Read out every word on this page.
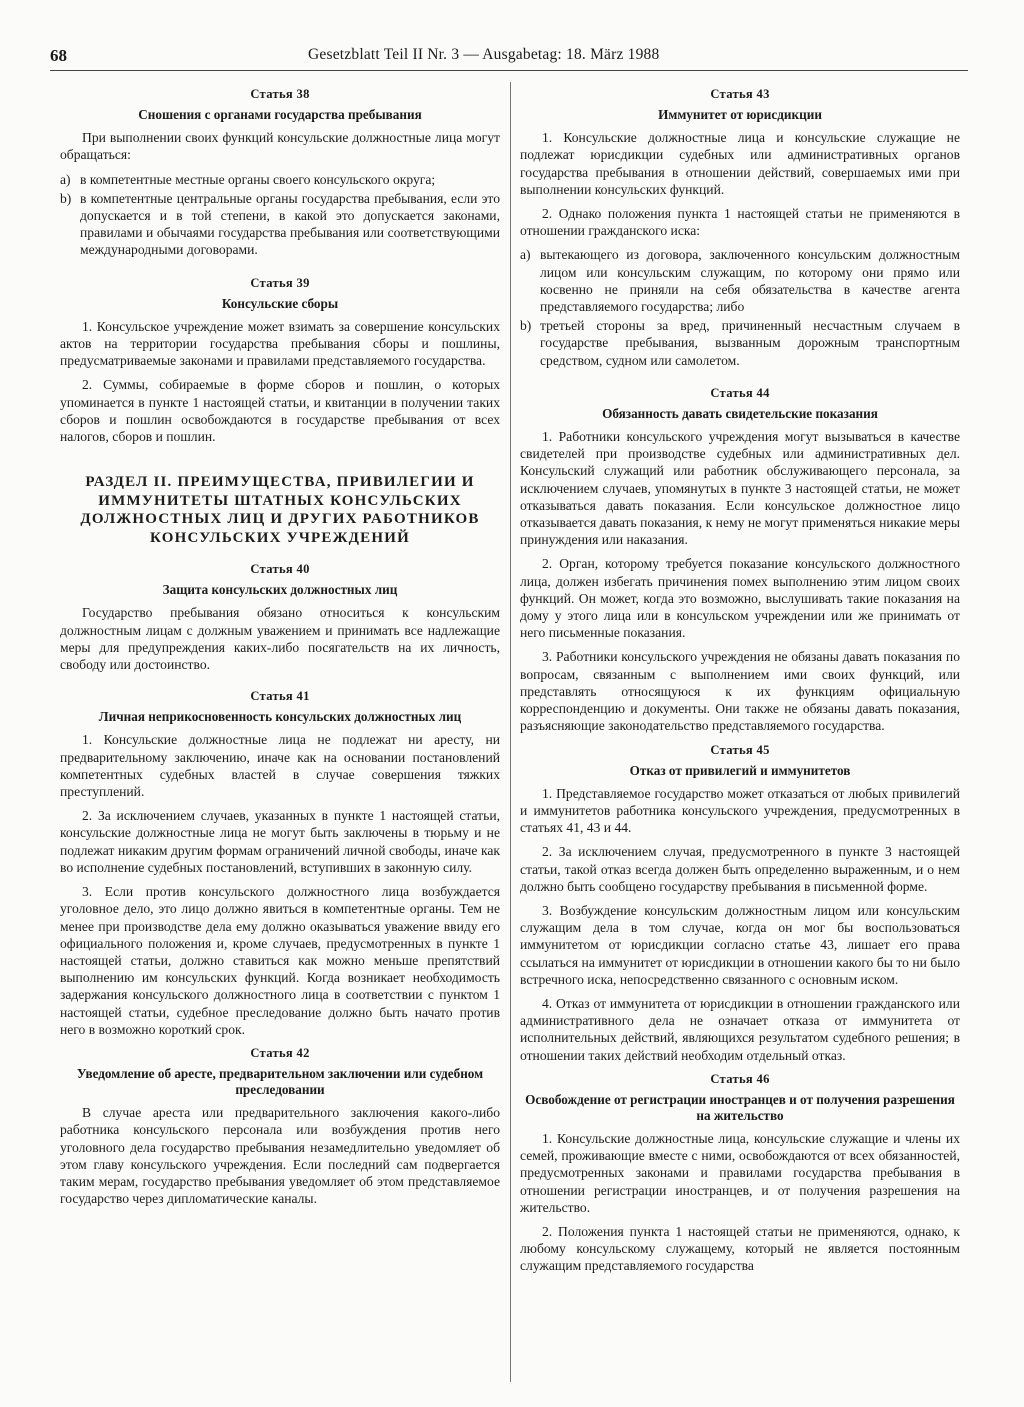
68	Gesetzblatt Teil II Nr. 3 — Ausgabetag: 18. März 1988

Статья 38

Сношения с органами государства пребывания

При выполнении своих функций консульские должностные лица могут обращаться:

a) в компетентные местные органы своего консульского округа;
b) в компетентные центральные органы государства пребывания, если это допускается и в той степени, в какой это допускается законами, правилами и обычаями государства пребывания или соответствующими международными договорами.

Статья 39

Консульские сборы

1. Консульское учреждение может взимать за совершение консульских актов на территории государства пребывания сборы и пошлины, предусматриваемые законами и правилами представляемого государства.

2. Суммы, собираемые в форме сборов и пошлин, о которых упоминается в пункте 1 настоящей статьи, и квитанции в получении таких сборов и пошлин освобождаются в государстве пребывания от всех налогов, сборов и пошлин.

РАЗДЕЛ II. ПРЕИМУЩЕСТВА, ПРИВИЛЕГИИ И ИММУНИТЕТЫ ШТАТНЫХ КОНСУЛЬСКИХ ДОЛЖНОСТНЫХ ЛИЦ И ДРУГИХ РАБОТНИКОВ КОНСУЛЬСКИХ УЧРЕЖДЕНИЙ

Статья 40

Защита консульских должностных лиц

Государство пребывания обязано относиться к консульским должностным лицам с должным уважением и принимать все надлежащие меры для предупреждения каких-либо посягательств на их личность, свободу или достоинство.

Статья 41

Личная неприкосновенность консульских должностных лиц

1. Консульские должностные лица не подлежат ни аресту, ни предварительному заключению, иначе как на основании постановлений компетентных судебных властей в случае совершения тяжких преступлений.

2. За исключением случаев, указанных в пункте 1 настоящей статьи, консульские должностные лица не могут быть заключены в тюрьму и не подлежат никаким другим формам ограничений личной свободы, иначе как во исполнение судебных постановлений, вступивших в законную силу.

3. Если против консульского должностного лица возбуждается уголовное дело, это лицо должно явиться в компетентные органы. Тем не менее при производстве дела ему должно оказываться уважение ввиду его официального положения и, кроме случаев, предусмотренных в пункте 1 настоящей статьи, должно ставиться как можно меньше препятствий выполнению им консульских функций. Когда возникает необходимость задержания консульского должностного лица в соответствии с пунктом 1 настоящей статьи, судебное преследование должно быть начато против него в возможно короткий срок.

Статья 42

Уведомление об аресте, предварительном заключении или судебном преследовании

В случае ареста или предварительного заключения какого-либо работника консульского персонала или возбуждения против него уголовного дела государство пребывания незамедлительно уведомляет об этом главу консульского учреждения. Если последний сам подвергается таким мерам, государство пребывания уведомляет об этом представляемое государство через дипломатические каналы.

Статья 43

Иммунитет от юрисдикции

1. Консульские должностные лица и консульские служащие не подлежат юрисдикции судебных или административных органов государства пребывания в отношении действий, совершаемых ими при выполнении консульских функций.

2. Однако положения пункта 1 настоящей статьи не применяются в отношении гражданского иска:

a) вытекающего из договора, заключенного консульским должностным лицом или консульским служащим, по которому они прямо или косвенно не приняли на себя обязательства в качестве агента представляемого государства; либо
b) третьей стороны за вред, причиненный несчастным случаем в государстве пребывания, вызванным дорожным транспортным средством, судном или самолетом.

Статья 44

Обязанность давать свидетельские показания

1. Работники консульского учреждения могут вызываться в качестве свидетелей при производстве судебных или административных дел. Консульский служащий или работник обслуживающего персонала, за исключением случаев, упомянутых в пункте 3 настоящей статьи, не может отказываться давать показания. Если консульское должностное лицо отказывается давать показания, к нему не могут применяться никакие меры принуждения или наказания.

2. Орган, которому требуется показание консульского должностного лица, должен избегать причинения помех выполнению этим лицом своих функций. Он может, когда это возможно, выслушивать такие показания на дому у этого лица или в консульском учреждении или же принимать от него письменные показания.

3. Работники консульского учреждения не обязаны давать показания по вопросам, связанным с выполнением ими своих функций, или представлять относящуюся к их функциям официальную корреспонденцию и документы. Они также не обязаны давать показания, разъясняющие законодательство представляемого государства.

Статья 45

Отказ от привилегий и иммунитетов

1. Представляемое государство может отказаться от любых привилегий и иммунитетов работника консульского учреждения, предусмотренных в статьях 41, 43 и 44.

2. За исключением случая, предусмотренного в пункте 3 настоящей статьи, такой отказ всегда должен быть определенно выраженным, и о нем должно быть сообщено государству пребывания в письменной форме.

3. Возбуждение консульским должностным лицом или консульским служащим дела в том случае, когда он мог бы воспользоваться иммунитетом от юрисдикции согласно статье 43, лишает его права ссылаться на иммунитет от юрисдикции в отношении какого бы то ни было встречного иска, непосредственно связанного с основным иском.

4. Отказ от иммунитета от юрисдикции в отношении гражданского или административного дела не означает отказа от иммунитета от исполнительных действий, являющихся результатом судебного решения; в отношении таких действий необходим отдельный отказ.

Статья 46

Освобождение от регистрации иностранцев и от получения разрешения на жительство

1. Консульские должностные лица, консульские служащие и члены их семей, проживающие вместе с ними, освобождаются от всех обязанностей, предусмотренных законами и правилами государства пребывания в отношении регистрации иностранцев, и от получения разрешения на жительство.

2. Положения пункта 1 настоящей статьи не применяются, однако, к любому консульскому служащему, который не является постоянным служащим представляемого государства
